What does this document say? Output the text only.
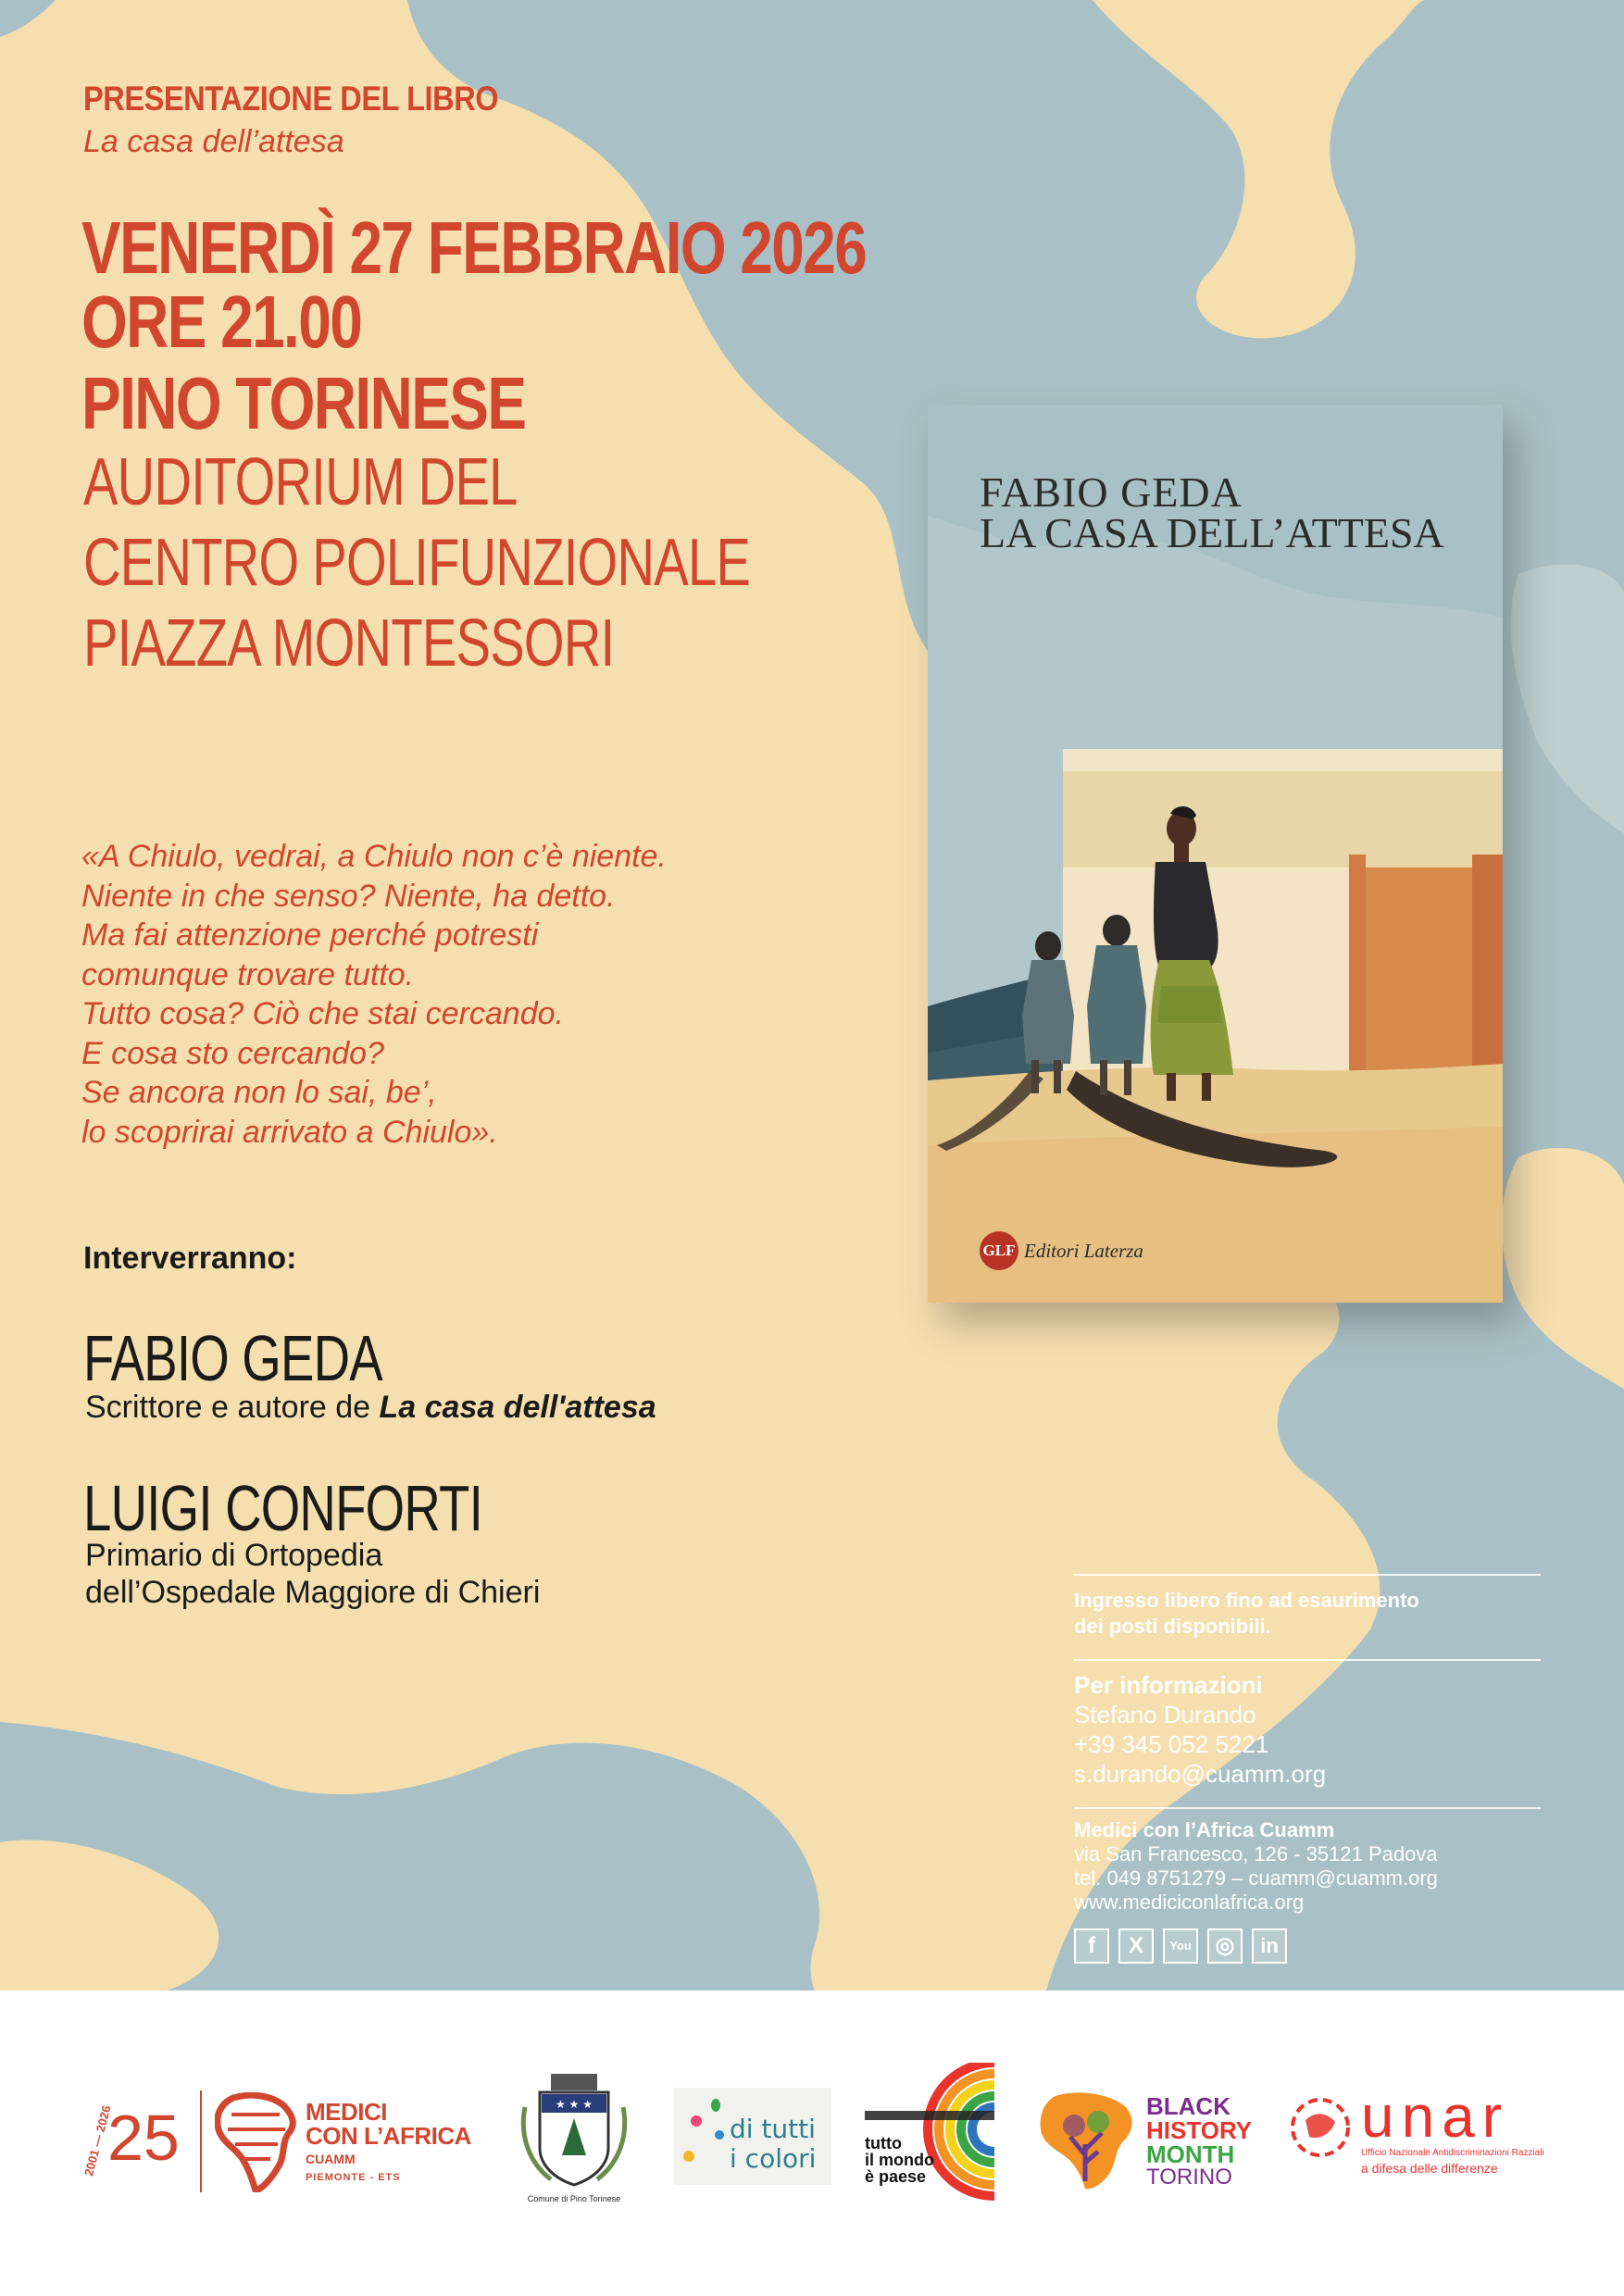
PRESENTAZIONE DEL LIBRO
La casa dell’attesa
VENERDÌ 27 FEBBRAIO 2026
ORE 21.00
PINO TORINESE
AUDITORIUM DEL
CENTRO POLIFUNZIONALE
PIAZZA MONTESSORI
«A Chiulo, vedrai, a Chiulo non c’è niente.
Niente in che senso? Niente, ha detto.
Ma fai attenzione perché potresti
comunque trovare tutto.
Tutto cosa? Ciò che stai cercando.
E cosa sto cercando?
Se ancora non lo sai, be’,
lo scoprirai arrivato a Chiulo».
Interverranno:
FABIO GEDA
Scrittore e autore de La casa dell'attesa
LUIGI CONFORTI
Primario di Ortopedia
dell’Ospedale Maggiore di Chieri
FABIO GEDA
LA CASA DELL’ATTESA
GLF Editori Laterza
Ingresso libero fino ad esaurimento
dei posti disponibili.
Per informazioni
Stefano Durando
+39 345 052 5221
s.durando@cuamm.org
Medici con l’Africa Cuamm
via San Francesco, 126 - 35121 Padova
tel. 049 8751279 – cuamm@cuamm.org
www.mediciconlafrica.org
f	X	You	◎	in
2001 — 2026
25	MEDICI
CON L’AFRICA
CUAMM
PIEMONTE - ETS
★ ★ ★
Comune di Pino Torinese
di tutti
i colori	tutto
il mondo
è paese
BLACK
HISTORY
MONTH
TORINO
unar
Ufficio Nazionale Antidiscriminazioni Razziali
a difesa delle differenze
